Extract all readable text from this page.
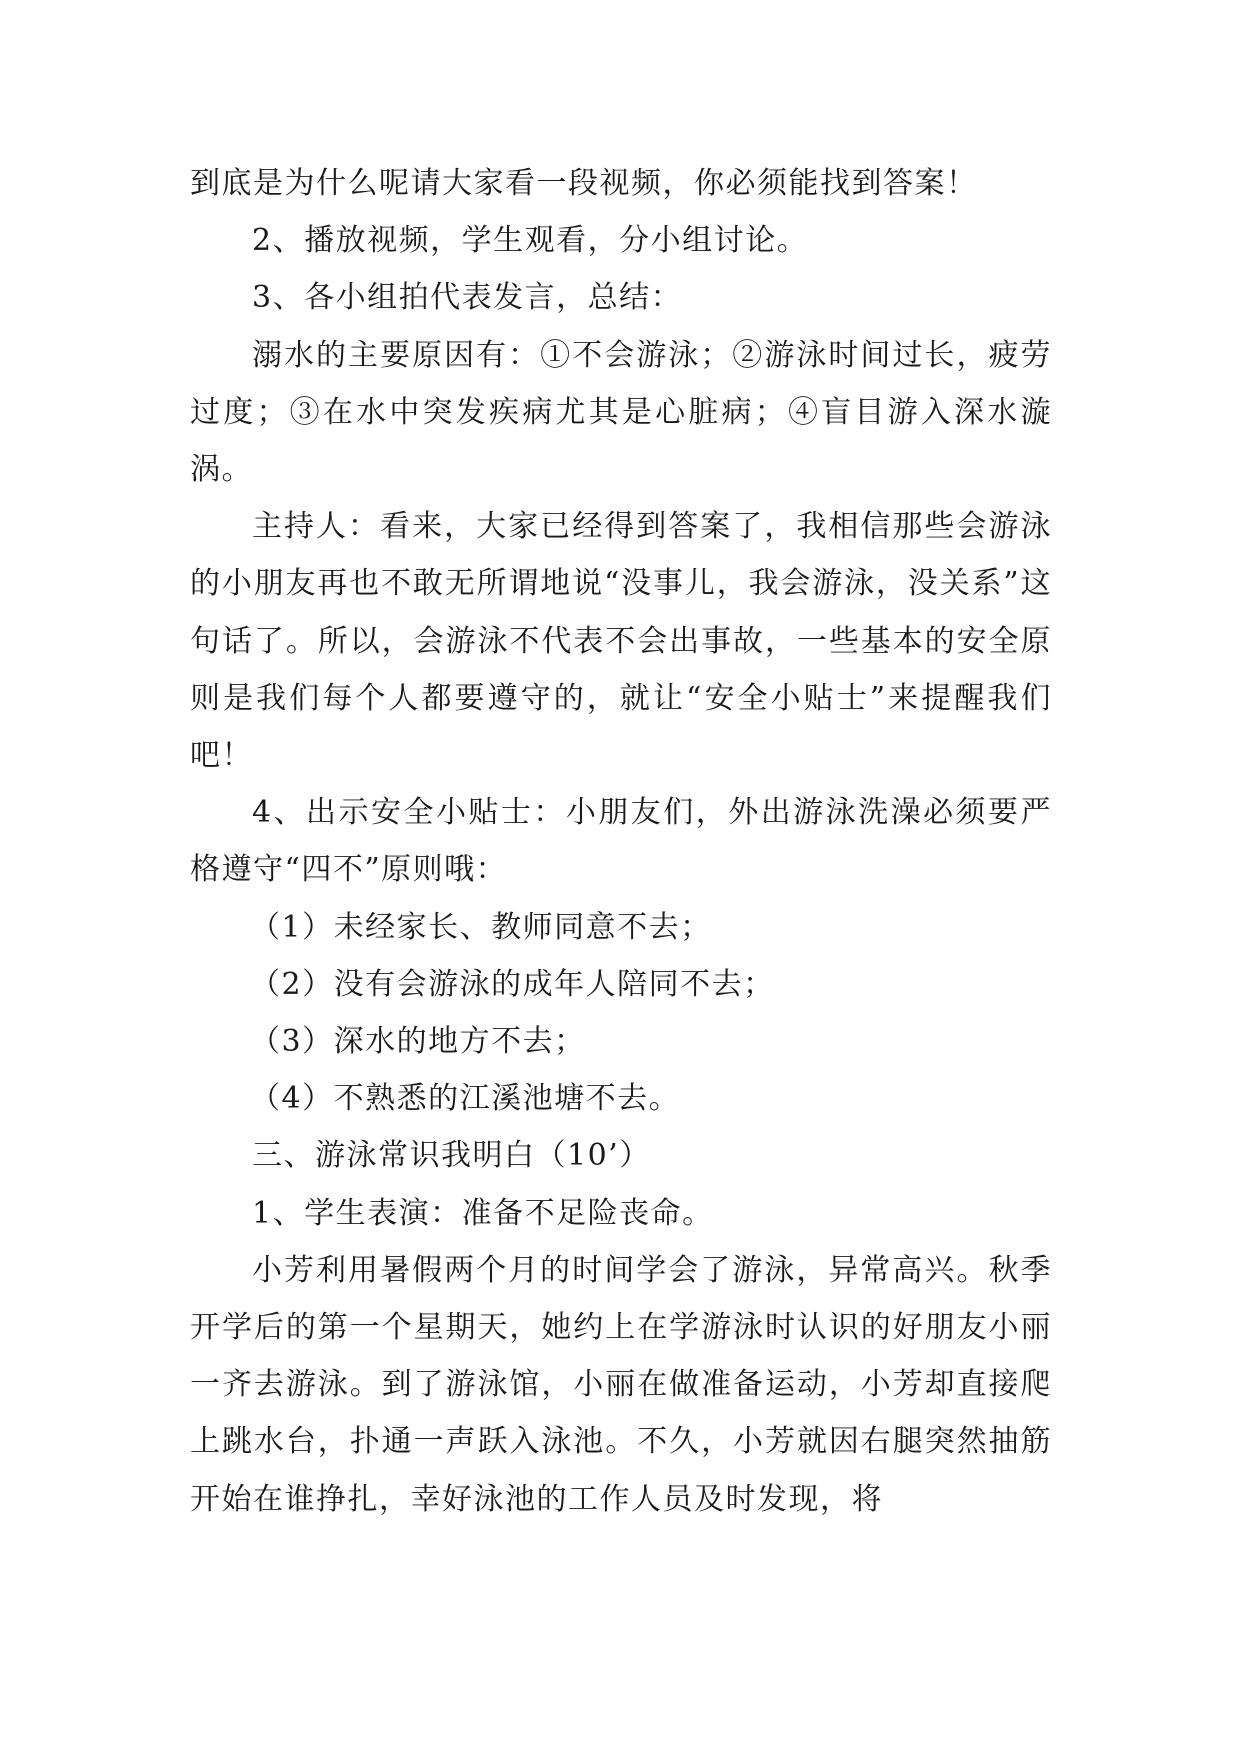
到底是为什么呢请大家看一段视频，你必须能找到答案！

2、播放视频，学生观看，分小组讨论。

3、各小组拍代表发言，总结：

溺水的主要原因有：①不会游泳；②游泳时间过长，疲劳过度；③在水中突发疾病尤其是心脏病；④盲目游入深水漩涡。

主持人：看来，大家已经得到答案了，我相信那些会游泳的小朋友再也不敢无所谓地说“没事儿，我会游泳，没关系”这句话了。所以，会游泳不代表不会出事故，一些基本的安全原则是我们每个人都要遵守的，就让“安全小贴士”来提醒我们吧！

4、出示安全小贴士：小朋友们，外出游泳洗澡必须要严格遵守“四不”原则哦：

（1）未经家长、教师同意不去；

（2）没有会游泳的成年人陪同不去；

（3）深水的地方不去；

（4）不熟悉的江溪池塘不去。

三、游泳常识我明白（10’）

1、学生表演：准备不足险丧命。

小芳利用暑假两个月的时间学会了游泳，异常高兴。秋季开学后的第一个星期天，她约上在学游泳时认识的好朋友小丽一齐去游泳。到了游泳馆，小丽在做准备运动，小芳却直接爬上跳水台，扑通一声跃入泳池。不久，小芳就因右腿突然抽筋开始在谁挣扎，幸好泳池的工作人员及时发现，将
